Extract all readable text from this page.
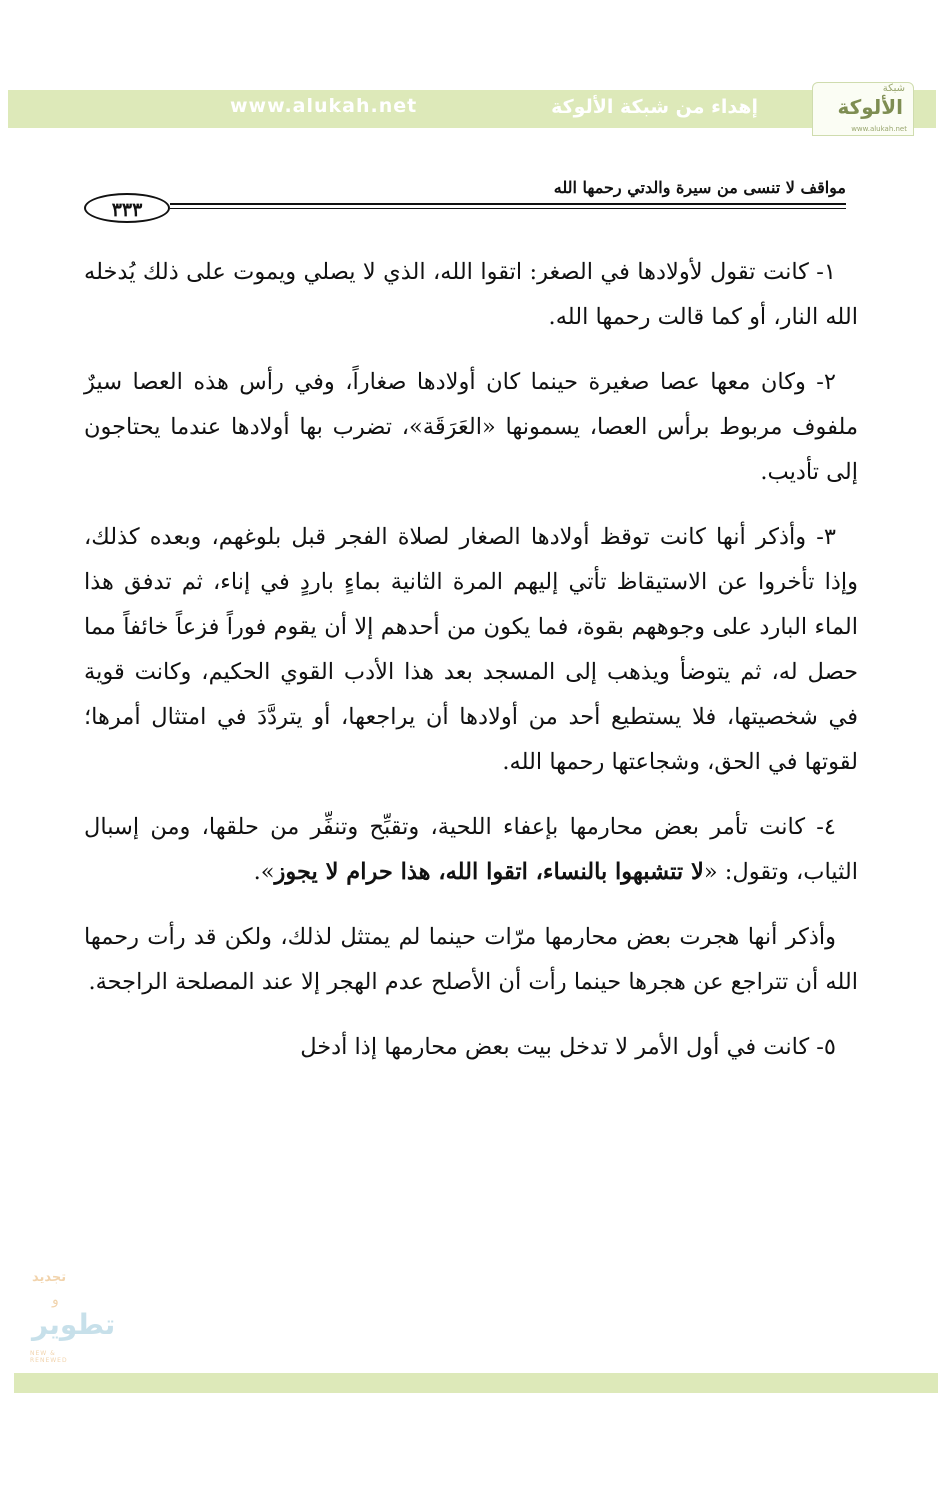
شبكة
الألوكة
www.alukah.net
إهداء من شبكة الألوكة
www.alukah.net
مواقف لا تنسى من سيرة والدتي رحمها الله
٣٣٣

١- كانت تقول لأولادها في الصغر: اتقوا الله، الذي لا يصلي ويموت على ذلك يُدخله الله النار، أو كما قالت رحمها الله.

٢- وكان معها عصا صغيرة حينما كان أولادها صغاراً، وفي رأس هذه العصا سيرٌ ملفوف مربوط برأس العصا، يسمونها «العَرَقَة»، تضرب بها أولادها عندما يحتاجون إلى تأديب.

٣- وأذكر أنها كانت توقظ أولادها الصغار لصلاة الفجر قبل بلوغهم، وبعده كذلك، وإذا تأخروا عن الاستيقاظ تأتي إليهم المرة الثانية بماءٍ باردٍ في إناء، ثم تدفق هذا الماء البارد على وجوههم بقوة، فما يكون من أحدهم إلا أن يقوم فوراً فزعاً خائفاً مما حصل له، ثم يتوضأ ويذهب إلى المسجد بعد هذا الأدب القوي الحكيم، وكانت قوية في شخصيتها، فلا يستطيع أحد من أولادها أن يراجعها، أو يتردَّدَ في امتثال أمرها؛ لقوتها في الحق، وشجاعتها رحمها الله.

٤- كانت تأمر بعض محارمها بإعفاء اللحية، وتقبِّح وتنفِّر من حلقها، ومن إسبال الثياب، وتقول: «لا تتشبهوا بالنساء، اتقوا الله، هذا حرام لا يجوز».

وأذكر أنها هجرت بعض محارمها مرّات حينما لم يمتثل لذلك، ولكن قد رأت رحمها الله أن تتراجع عن هجرها حينما رأت أن الأصلح عدم الهجر إلا عند المصلحة الراجحة.

٥- كانت في أول الأمر لا تدخل بيت بعض محارمها إذا أدخل

تجديد
و
تطوير
NEW & RENEWED
